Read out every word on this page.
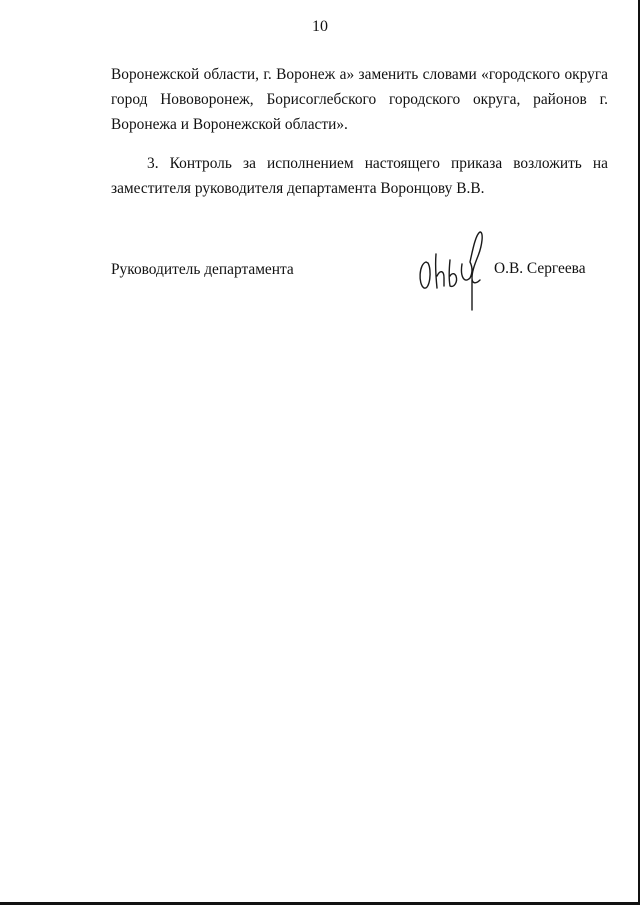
10

Воронежской области, г. Воронеж а» заменить словами «городского округа
город Нововоронеж, Борисоглебского городского округа, районов г.
Воронежа и Воронежской области».

3. Контроль за исполнением настоящего приказа возложить на
заместителя руководителя департамента Воронцову В.В.

Руководитель департамента	О.В. Сергеева
